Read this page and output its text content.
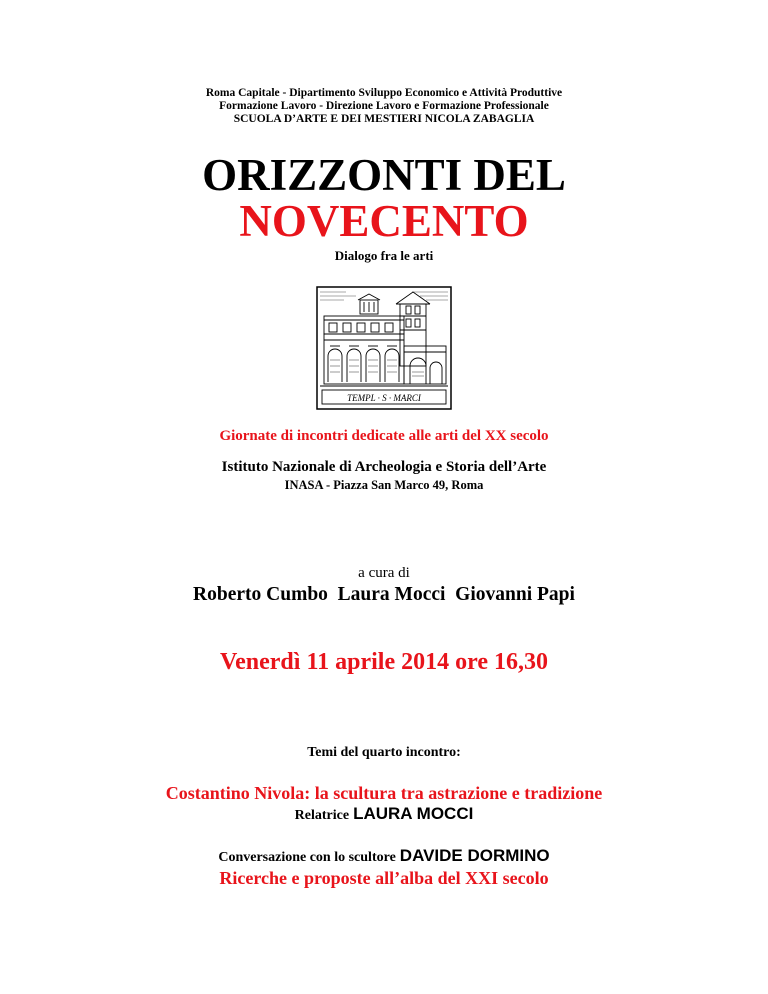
Roma Capitale - Dipartimento Sviluppo Economico e Attività Produttive
Formazione Lavoro - Direzione Lavoro e Formazione Professionale
SCUOLA D’ARTE E DEI MESTIERI NICOLA ZABAGLIA
ORIZZONTI DEL
NOVECENTO
Dialogo fra le arti
TEMPL · S · MARCI
Giornate di incontri dedicate alle arti del XX secolo
Istituto Nazionale di Archeologia e Storia dell’Arte
INASA - Piazza San Marco 49, Roma
a cura di
Roberto Cumbo  Laura Mocci  Giovanni Papi
Venerdì 11 aprile 2014 ore 16,30
Temi del quarto incontro:
Costantino Nivola: la scultura tra astrazione e tradizione
Relatrice LAURA MOCCI
Conversazione con lo scultore DAVIDE DORMINO
Ricerche e proposte all’alba del XXI secolo
